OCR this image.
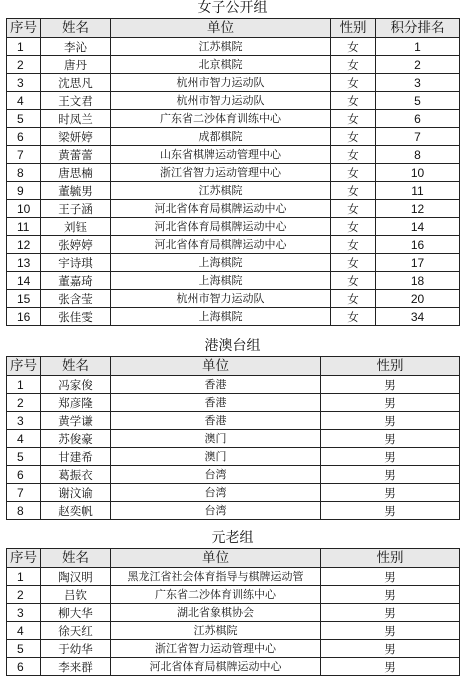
女子公开组
序号	姓名	单位	性别	积分排名
1	李沁	江苏棋院	女	1
2	唐丹	北京棋院	女	2
3	沈思凡	杭州市智力运动队	女	3
4	王文君	杭州市智力运动队	女	5
5	时凤兰	广东省二沙体育训练中心	女	6
6	梁妍婷	成都棋院	女	7
7	黄蕾蕾	山东省棋牌运动管理中心	女	8
8	唐思楠	浙江省智力运动管理中心	女	10
9	董毓男	江苏棋院	女	11
10	王子涵	河北省体育局棋牌运动中心	女	12
11	刘钰	河北省体育局棋牌运动中心	女	14
12	张婷婷	河北省体育局棋牌运动中心	女	16
13	宇诗琪	上海棋院	女	17
14	董嘉琦	上海棋院	女	18
15	张含莹	杭州市智力运动队	女	20
16	张佳雯	上海棋院	女	34
港澳台组
序号	姓名	单位	性别
1	冯家俊	香港	男
2	郑彦隆	香港	男
3	黄学谦	香港	男
4	苏俊豪	澳门	男
5	甘建希	澳门	男
6	葛振衣	台湾	男
7	谢汶谕	台湾	男
8	赵奕帆	台湾	男
元老组
序号	姓名	单位	性别
1	陶汉明	黑龙江省社会体育指导与棋牌运动管	男
2	吕钦	广东省二沙体育训练中心	男
3	柳大华	湖北省象棋协会	男
4	徐天红	江苏棋院	男
5	于幼华	浙江省智力运动管理中心	男
6	李来群	河北省体育局棋牌运动中心	男
